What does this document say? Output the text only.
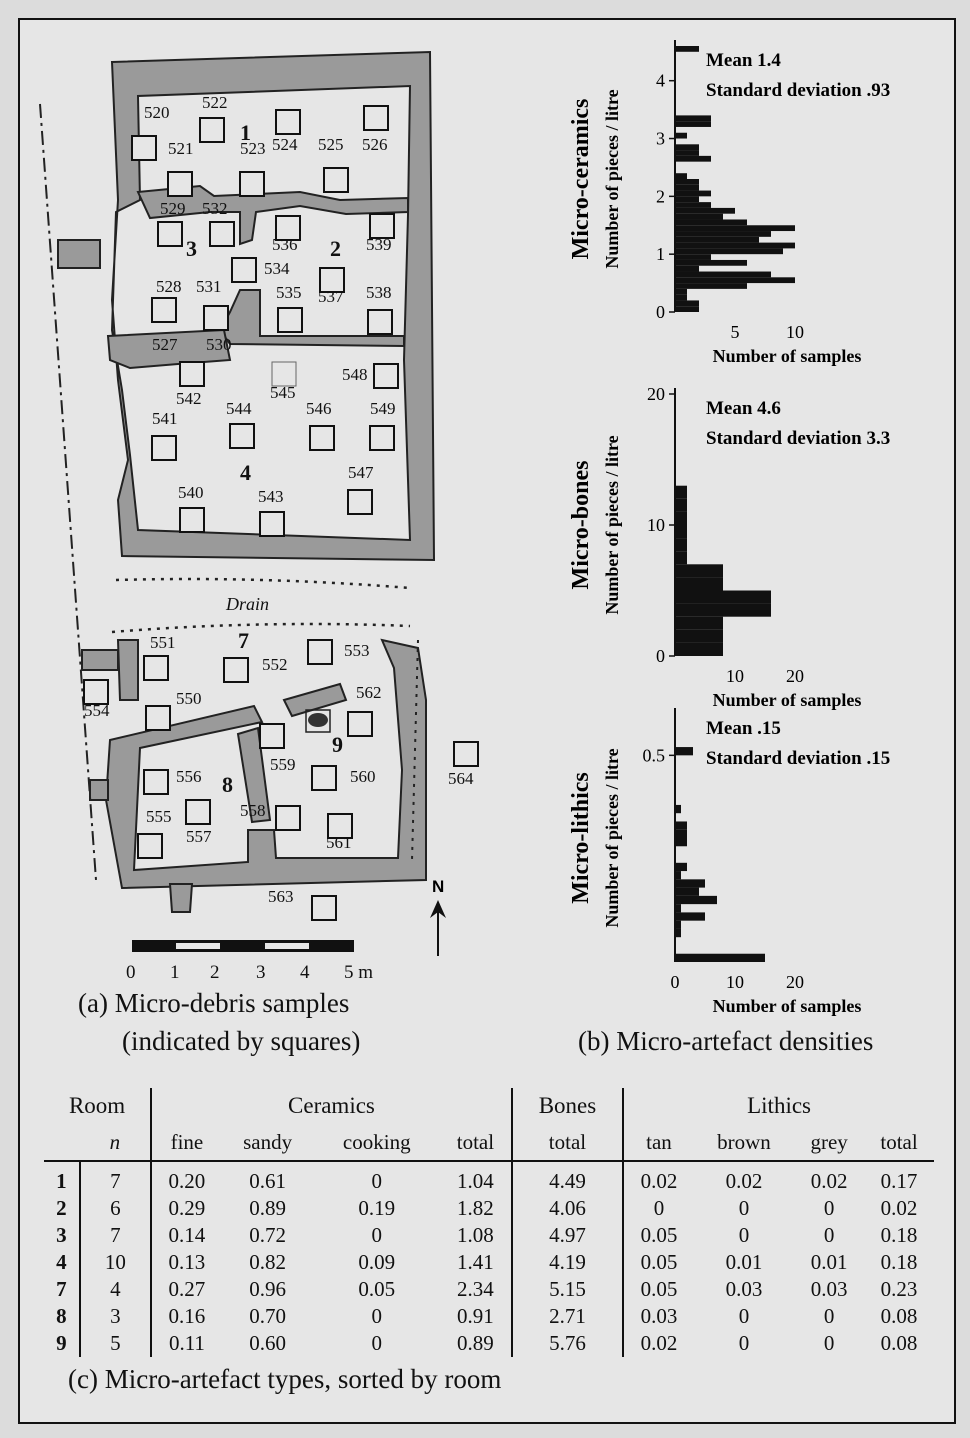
520
521
522
523 524 525 526
528
529
531
532
534
535
536
537 538
539
527 530
540
541
542
543
544
545
546
547
548
549
551
552
553
550
554
555
556
557
558
559
560
561
562
563
564
1
2
3
4
7
8
9
Drain
0 1 2 3 4 5 m
N
(a) Micro-debris samples
(indicated by squares)
Micro-ceramics Number of pieces / litre
4
3
2
1
0
5	10
Number of samples
Mean 1.4
Standard deviation .93
Micro-bones Number of pieces / litre
20
10
0
10 20
Number of samples
Mean 4.6
Standard deviation 3.3
Micro-lithics Number of pieces / litre 0.5
0	10 20
Number of samples
Mean .15
Standard deviation .15
(b) Micro-artefact densities
Room		Ceramics				Bones	Lithics			
	n	fine	sandy	cooking	total	total	tan	brown	grey	total
1	7	0.20	0.61	0	1.04	4.49	0.02	0.02	0.02	0.17
2	6	0.29	0.89	0.19	1.82	4.06	0	0	0	0.02
3	7	0.14	0.72	0	1.08	4.97	0.05	0	0	0.18
4	10	0.13	0.82	0.09	1.41	4.19	0.05	0.01	0.01	0.18
7	4	0.27	0.96	0.05	2.34	5.15	0.05	0.03	0.03	0.23
8	3	0.16	0.70	0	0.91	2.71	0.03	0	0	0.08
9	5	0.11	0.60	0	0.89	5.76	0.02	0	0	0.08
(c) Micro-artefact types, sorted by room
